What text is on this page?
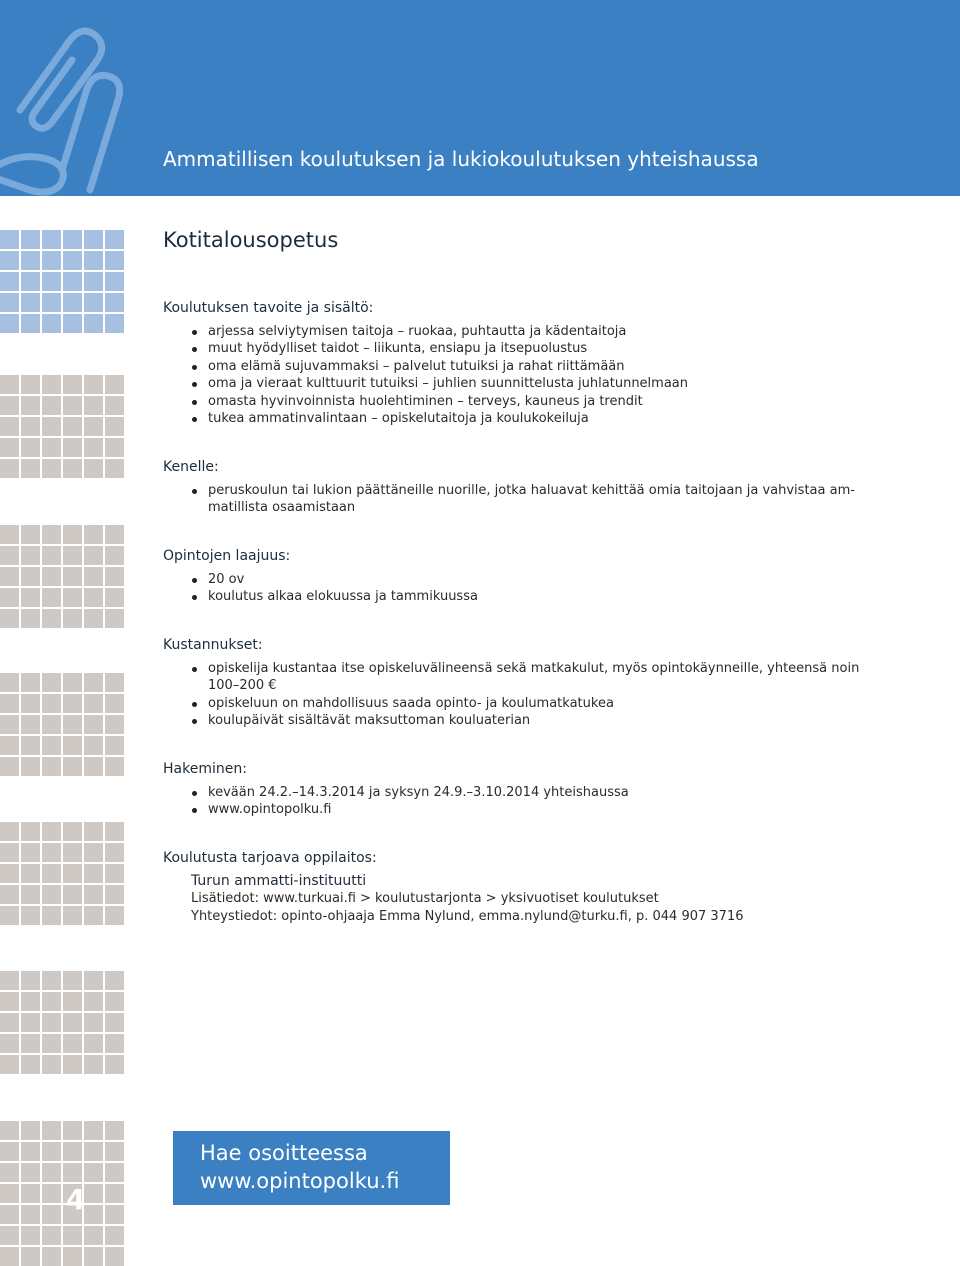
Ammatillisen koulutuksen ja lukiokoulutuksen yhteishaussa
4
Kotitalousopetus
Koulutuksen tavoite ja sisältö:
arjessa selviytymisen taitoja – ruokaa, puhtautta ja kädentaitoja
muut hyödylliset taidot – liikunta, ensiapu ja itsepuolustus
oma elämä sujuvammaksi – palvelut tutuiksi ja rahat riittämään
oma ja vieraat kulttuurit tutuiksi – juhlien suunnittelusta juhlatunnelmaan
omasta hyvinvoinnista huolehtiminen – terveys, kauneus ja trendit
tukea ammatinvalintaan – opiskelutaitoja ja koulukokeiluja
Kenelle:
peruskoulun tai lukion päättäneille nuorille, jotka haluavat kehittää omia taitojaan ja vahvistaa am-matillista osaamistaan
Opintojen laajuus:
20 ov
koulutus alkaa elokuussa ja tammikuussa
Kustannukset:
opiskelija kustantaa itse opiskeluvälineensä sekä matkakulut, myös opintokäynneille, yhteensä noin 100–200 €
opiskeluun on mahdollisuus saada opinto- ja koulumatkatukea
koulupäivät sisältävät maksuttoman kouluaterian
Hakeminen:
kevään 24.2.–14.3.2014 ja syksyn 24.9.–3.10.2014 yhteishaussa
www.opintopolku.fi
Koulutusta tarjoava oppilaitos:
Turun ammatti-instituutti
Lisätiedot: www.turkuai.fi > koulutustarjonta > yksivuotiset koulutukset
Yhteystiedot: opinto-ohjaaja Emma Nylund, emma.nylund@turku.fi, p. 044 907 3716
Hae osoitteessa
www.opintopolku.fi
